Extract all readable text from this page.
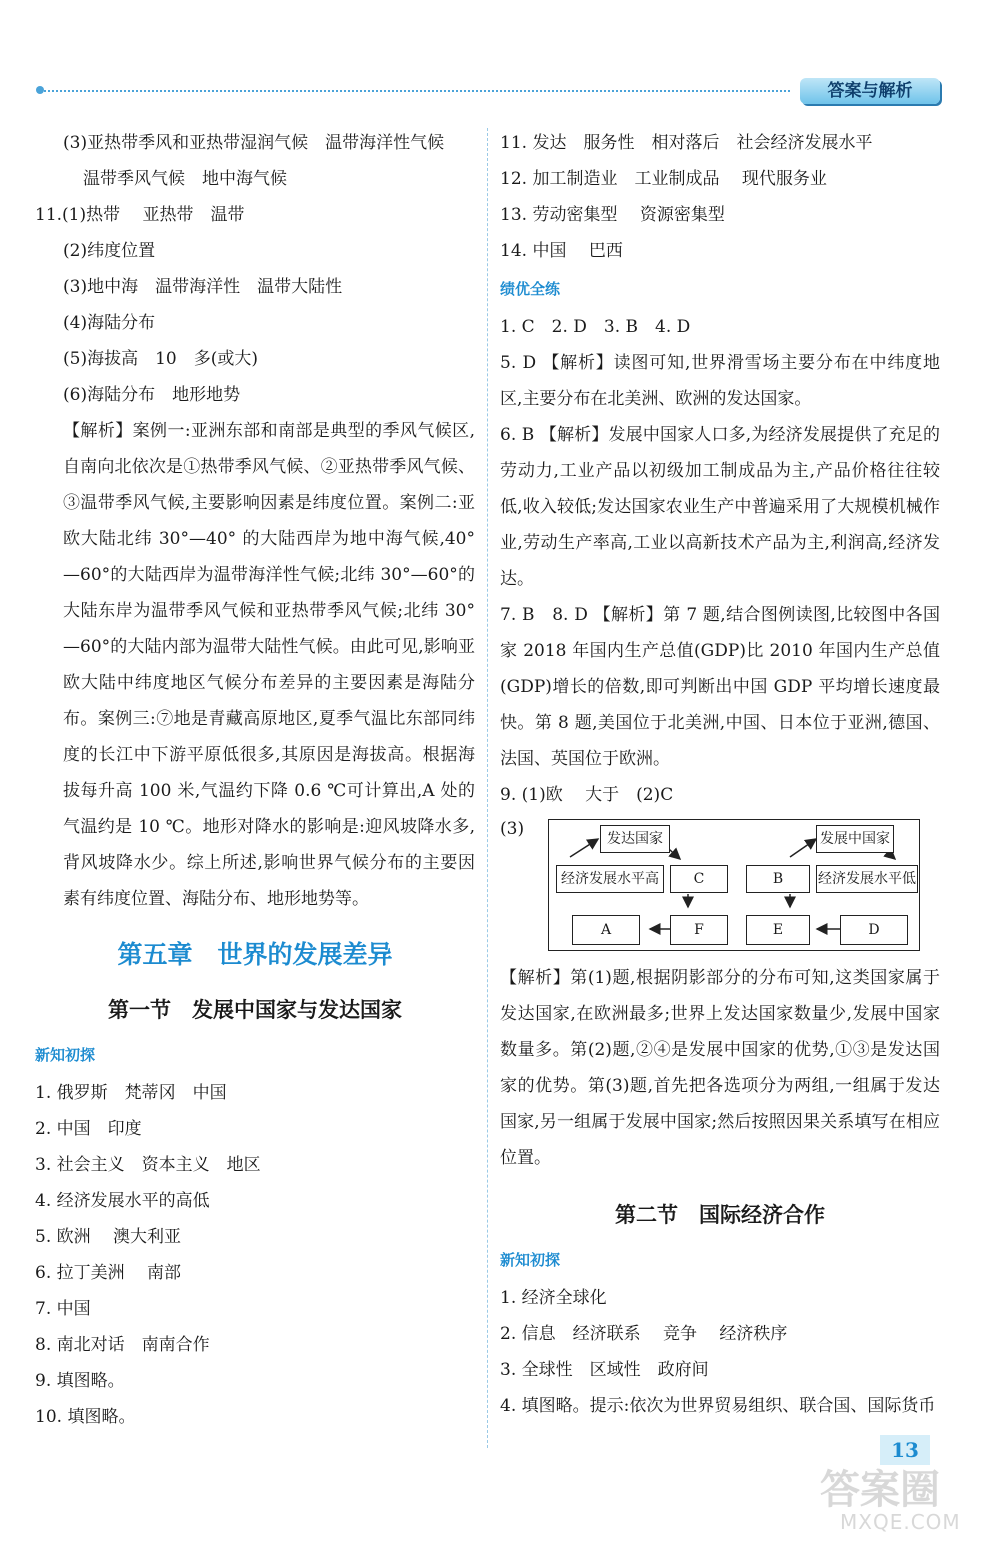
答案与解析
(3)亚热带季风和亚热带湿润气候　温带海洋性气候
温带季风气候　地中海气候
11.(1)热带　 亚热带　温带
(2)纬度位置
(3)地中海　温带海洋性　温带大陆性
(4)海陆分布
(5)海拔高　10　多(或大)
(6)海陆分布　地形地势
【解析】案例一:亚洲东部和南部是典型的季风气候区,自南向北依次是①热带季风气候、②亚热带季风气候、③温带季风气候,主要影响因素是纬度位置。案例二:亚欧大陆北纬 30°—40° 的大陆西岸为地中海气候,40°—60°的大陆西岸为温带海洋性气候;北纬 30°—60°的大陆东岸为温带季风气候和亚热带季风气候;北纬 30°—60°的大陆内部为温带大陆性气候。由此可见,影响亚欧大陆中纬度地区气候分布差异的主要因素是海陆分布。案例三:⑦地是青藏高原地区,夏季气温比东部同纬度的长江中下游平原低很多,其原因是海拔高。根据海拔每升高 100 米,气温约下降 0.6 ℃可计算出,A 处的气温约是 10 ℃。地形对降水的影响是:迎风坡降水多,背风坡降水少。综上所述,影响世界气候分布的主要因素有纬度位置、海陆分布、地形地势等。
第五章　世界的发展差异
第一节　发展中国家与发达国家
新知初探
1. 俄罗斯　梵蒂冈　中国
2. 中国　印度
3. 社会主义　资本主义　地区
4. 经济发展水平的高低
5. 欧洲　 澳大利亚
6. 拉丁美洲　 南部
7. 中国
8. 南北对话　南南合作
9. 填图略。
10. 填图略。
11. 发达　服务性　相对落后　社会经济发展水平
12. 加工制造业　工业制成品　 现代服务业
13. 劳动密集型　 资源密集型
14. 中国　 巴西
绩优全练
1. C　2. D　3. B　4. D
5. D 【解析】读图可知,世界滑雪场主要分布在中纬度地区,主要分布在北美洲、欧洲的发达国家。
6. B 【解析】发展中国家人口多,为经济发展提供了充足的劳动力,工业产品以初级加工制成品为主,产品价格往往较低,收入较低;发达国家农业生产中普遍采用了大规模机械作业,劳动生产率高,工业以高新技术产品为主,利润高,经济发达。
7. B　8. D 【解析】第 7 题,结合图例读图,比较图中各国家 2018 年国内生产总值(GDP)比 2010 年国内生产总值(GDP)增长的倍数,即可判断出中国 GDP 平均增长速度最快。第 8 题,美国位于北美洲,中国、日本位于亚洲,德国、法国、英国位于欧洲。
9. (1)欧　 大于　(2)C
(3)	发达国家
经济发展水平高	C
A	F
发展中国家
B	经济发展水平低
E	D
【解析】第(1)题,根据阴影部分的分布可知,这类国家属于发达国家,在欧洲最多;世界上发达国家数量少,发展中国家数量多。第(2)题,②④是发展中国家的优势,①③是发达国家的优势。第(3)题,首先把各选项分为两组,一组属于发达国家,另一组属于发展中国家;然后按照因果关系填写在相应位置。
第二节　国际经济合作
新知初探
1. 经济全球化
2. 信息　经济联系　 竞争　 经济秩序
3. 全球性　区域性　政府间
4. 填图略。提示:依次为世界贸易组织、联合国、国际货币
13
答案圈
MXQE.COM
